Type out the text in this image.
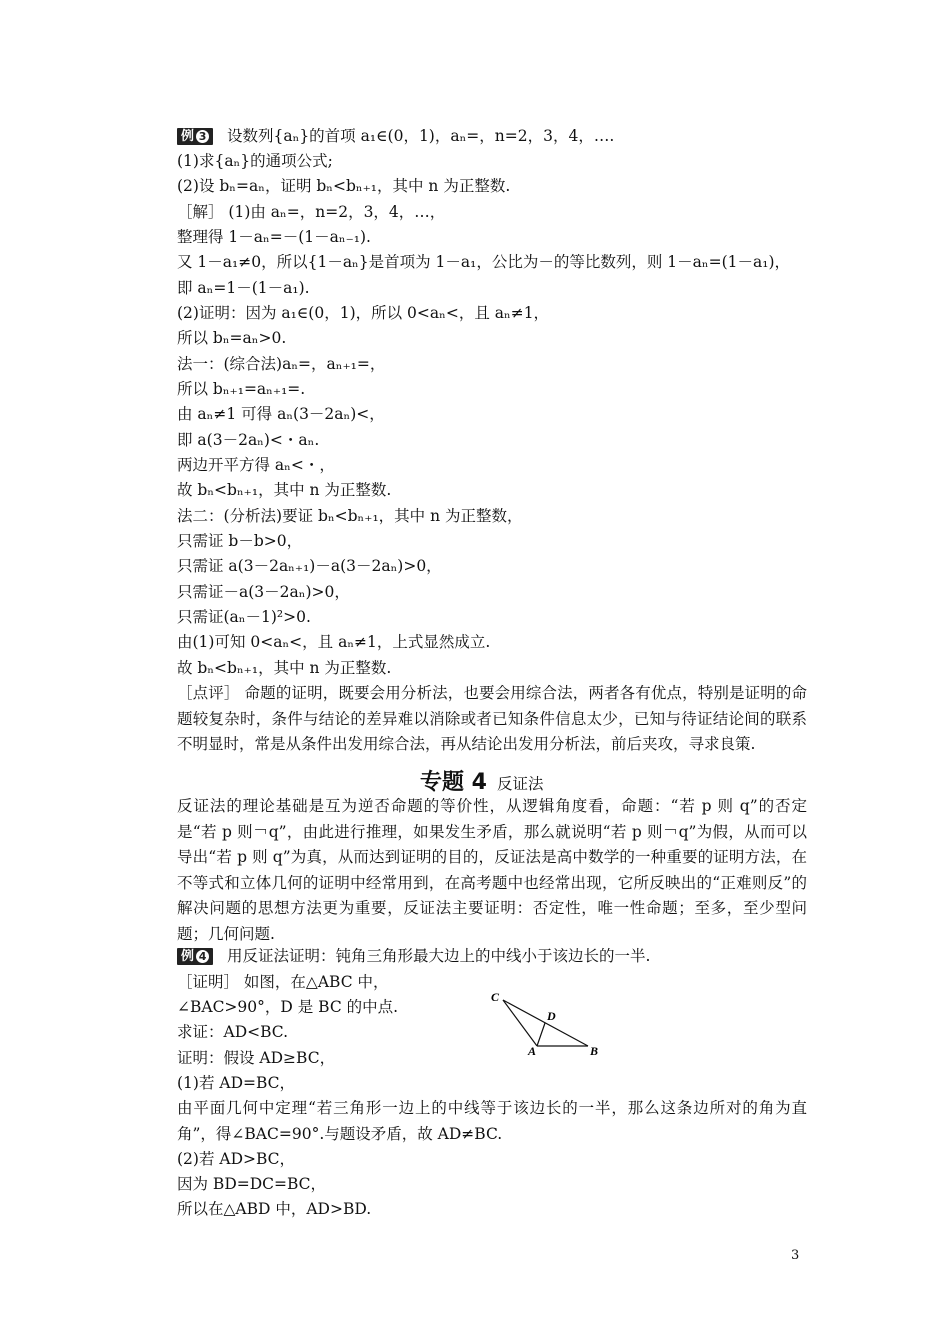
例 3 设数列{aₙ}的首项 a₁∈(0，1)，aₙ=，n=2，3，4，….
(1)求{aₙ}的通项公式;
(2)设 bₙ=aₙ，证明 bₙ<bₙ₊₁，其中 n 为正整数.
［解］ (1)由 aₙ=，n=2，3，4，…，
整理得 1－aₙ=－(1－aₙ₋₁).
又 1－a₁≠0，所以{1－aₙ}是首项为 1－a₁，公比为－的等比数列，则 1－aₙ=(1－a₁)，
即 aₙ=1－(1－a₁).
(2)证明：因为 a₁∈(0，1)，所以 0<aₙ<，且 aₙ≠1，
所以 bₙ=aₙ>0.
法一：(综合法)aₙ=，aₙ₊₁=，
所以 bₙ₊₁=aₙ₊₁=.
由 aₙ≠1 可得 aₙ(3－2aₙ)<，
即 a(3－2aₙ)<・aₙ.
两边开平方得 aₙ<・，
故 bₙ<bₙ₊₁，其中 n 为正整数.
法二：(分析法)要证 bₙ<bₙ₊₁，其中 n 为正整数，
只需证 b－b>0，
只需证 a(3－2aₙ₊₁)－a(3－2aₙ)>0，
只需证－a(3－2aₙ)>0，
只需证(aₙ－1)²>0.
由(1)可知 0<aₙ<，且 aₙ≠1，上式显然成立.
故 bₙ<bₙ₊₁，其中 n 为正整数.
［点评］ 命题的证明，既要会用分析法，也要会用综合法，两者各有优点，特别是证明的命题较复杂时，条件与结论的差异难以消除或者已知条件信息太少，已知与待证结论间的联系不明显时，常是从条件出发用综合法，再从结论出发用分析法，前后夹攻，寻求良策.
专题 4 反证法
反证法的理论基础是互为逆否命题的等价性，从逻辑角度看，命题：“若 p 则 q”的否定是“若 p 则￢q”，由此进行推理，如果发生矛盾，那么就说明“若 p 则￢q”为假，从而可以导出“若 p 则 q”为真，从而达到证明的目的，反证法是高中数学的一种重要的证明方法，在不等式和立体几何的证明中经常用到，在高考题中也经常出现，它所反映出的“正难则反”的解决问题的思想方法更为重要，反证法主要证明：否定性，唯一性命题；至多，至少型问题；几何问题.
例 4 用反证法证明：钝角三角形最大边上的中线小于该边长的一半.
［证明］ 如图，在△ABC 中，
∠BAC>90°，D 是 BC 的中点.
求证：AD<BC.
证明：假设 AD≥BC，
(1)若 AD=BC，
由平面几何中定理“若三角形一边上的中线等于该边长的一半，那么这条边所对的角为直角”，得∠BAC=90°.与题设矛盾，故 AD≠BC.
(2)若 AD>BC，
因为 BD=DC=BC，
所以在△ABD 中，AD>BD.
C
D
A	B
3
